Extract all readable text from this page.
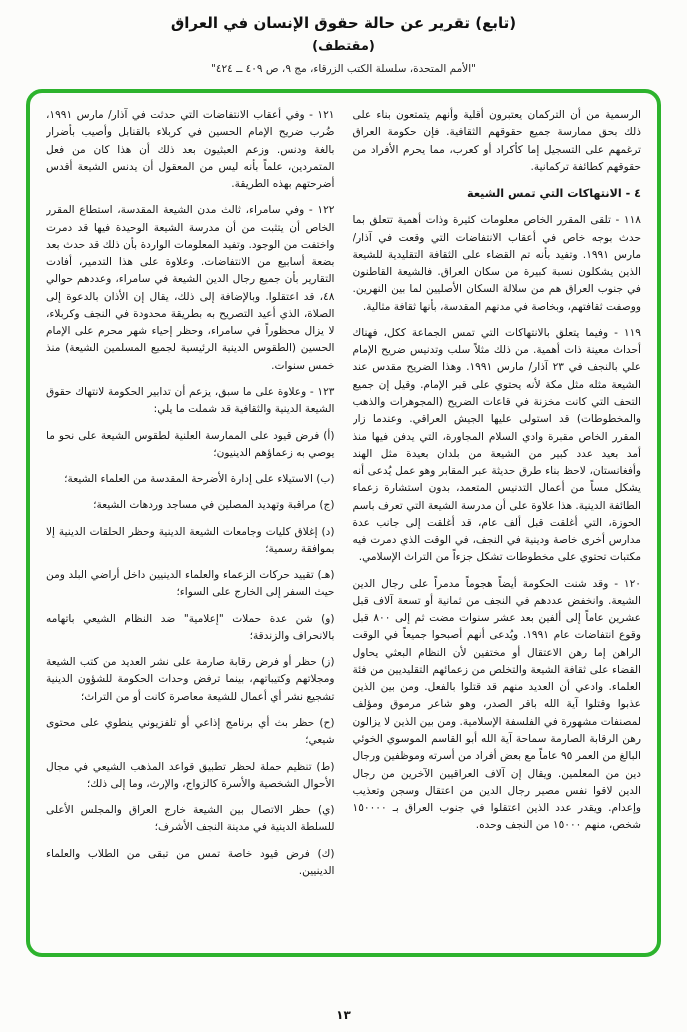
(تابع) تقرير عن حالة حقوق الإنسان في العراق
(مقتطف)
"الأمم المتحدة، سلسلة الكتب الزرقاء، مج ٩، ص ٤٠٩ ــ ٤٢٤"

الرسمية من أن التركمان يعتبرون أقلية وأنهم يتمتعون بناء على ذلك بحق ممارسة جميع حقوقهم الثقافية. فإن حكومة العراق ترغمهم على التسجيل إما كأكراد أو كعرب، مما يحرم الأفراد من حقوقهم كطائفة تركمانية.

٤ - الانتهاكات التي تمس الشيعة

١١٨ - تلقى المقرر الخاص معلومات كثيرة وذات أهمية تتعلق بما حدث بوجه خاص في أعقاب الانتفاضات التي وقعت في آذار/ مارس ١٩٩١. وتفيد بأنه تم القضاء على الثقافة التقليدية للشيعة الذين يشكلون نسبة كبيرة من سكان العراق. فالشيعة القاطنون في جنوب العراق هم من سلالة السكان الأصليين لما بين النهرين. ووصفت ثقافتهم، وبخاصة في مدنهم المقدسة، بأنها ثقافة مثالية.

١١٩ - وفيما يتعلق بالانتهاكات التي تمس الجماعة ككل، فهناك أحداث معينة ذات أهمية. من ذلك مثلاً سلب وتدنيس ضريح الإمام علي بالنجف في ٢٣ آذار/ مارس ١٩٩١. وهذا الضريح مقدس عند الشيعة مثله مثل مكة لأنه يحتوي على قبر الإمام. وقيل إن جميع التحف التي كانت مخزنة في قاعات الضريح (المجوهرات والذهب والمخطوطات) قد استولى عليها الجيش العراقي. وعندما زار المقرر الخاص مقبرة وادي السلام المجاورة، التي يدفن فيها منذ أمد بعيد عدد كبير من الشيعة من بلدان بعيدة مثل الهند وأفغانستان، لاحظ بناء طرق حديثة عبر المقابر وهو عمل يُدعى أنه يشكل مساً من أعمال التدنيس المتعمد، بدون استشارة زعماء الطائفة الدينية. هذا علاوة على أن مدرسة الشيعة التي تعرف باسم الحوزة، التي أغلقت قبل ألف عام، قد أغلقت إلى جانب عدة مدارس أخرى خاصة ودينية في النجف، في الوقت الذي دمرت فيه مكتبات تحتوي على مخطوطات تشكل جزءاً من التراث الإسلامي.

١٢٠ - وقد شنت الحكومة أيضاً هجوماً مدمراً على رجال الدين الشيعة. وانخفض عددهم في النجف من ثمانية أو تسعة آلاف قبل عشرين عاماً إلى ألفين بعد عشر سنوات مضت ثم إلى ٨٠٠ قبل وقوع انتفاضات عام ١٩٩١. ويُدعى أنهم أصبحوا جميعاً في الوقت الراهن إما رهن الاعتقال أو مختفين لأن النظام البعثي يحاول القضاء على ثقافة الشيعة والتخلص من زعمائهم التقليديين من فئة العلماء. وادعي أن العديد منهم قد قتلوا بالفعل. ومن بين الذين عذبوا وقتلوا آية الله باقر الصدر، وهو شاعر مرموق ومؤلف لمصنفات مشهورة في الفلسفة الإسلامية. ومن بين الذين لا يزالون رهن الرقابة الصارمة سماحة آية الله أبو القاسم الموسوي الخوئي البالغ من العمر ٩٥ عاماً مع بعض أفراد من أسرته وموظفين ورجال دين من المعلمين. ويقال إن آلاف العراقيين الآخرين من رجال الدين لاقوا نفس مصير رجال الدين من اعتقال وسجن وتعذيب وإعدام. ويقدر عدد الذين اعتقلوا في جنوب العراق بـ ١٥٠٠٠٠ شخص، منهم ١٥٠٠٠ من النجف وحده.

١٢١ - وفي أعقاب الانتفاضات التي حدثت في آذار/ مارس ١٩٩١، ضُرب ضريح الإمام الحسين في كربلاء بالقنابل وأصيب بأضرار بالغة ودنس. وزعم العبثيون بعد ذلك أن هذا كان من فعل المتمردين، علماً بأنه ليس من المعقول أن يدنس الشيعة أقدس أضرحتهم بهذه الطريقة.

١٢٢ - وفي سامراء، ثالث مدن الشيعة المقدسة، استطاع المقرر الخاص أن يتثبت من أن مدرسة الشيعة الوحيدة فيها قد دمرت واختفت من الوجود. وتفيد المعلومات الواردة بأن ذلك قد حدث بعد بضعة أسابيع من الانتفاضات. وعلاوة على هذا التدمير، أفادت التقارير بأن جميع رجال الدين الشيعة في سامراء، وعددهم حوالي ٤٨، قد اعتقلوا. وبالإضافة إلى ذلك، يقال إن الأذان بالدعوة إلى الصلاة، الذي أعيد التصريح به بطريقة محدودة في النجف وكربلاء، لا يزال محظوراً في سامراء، وحظر إحياء شهر محرم على الإمام الحسين (الطقوس الدينية الرئيسية لجميع المسلمين الشيعة) منذ خمس سنوات.

١٢٣ - وعلاوة على ما سبق، يزعم أن تدابير الحكومة لانتهاك حقوق الشيعة الدينية والثقافية قد شملت ما يلي:

(أ) فرض قيود على الممارسة العلنية لطقوس الشيعة على نحو ما يوصي به زعماؤهم الدينيون؛

(ب) الاستيلاء على إدارة الأضرحة المقدسة من العلماء الشيعة؛

(ج) مراقبة وتهديد المصلين في مساجد وردهات الشيعة؛

(د) إغلاق كليات وجامعات الشيعة الدينية وحظر الحلقات الدينية إلا بموافقة رسمية؛

(هـ) تقييد حركات الزعماء والعلماء الدينيين داخل أراضي البلد ومن حيث السفر إلى الخارج على السواء؛

(و) شن عدة حملات "إعلامية" ضد النظام الشيعي باتهامه بالانحراف والزندقة؛

(ز) حظر أو فرض رقابة صارمة على نشر العديد من كتب الشيعة ومجلاتهم وكتيباتهم، بينما ترفض وحدات الحكومة للشؤون الدينية تشجيع نشر أي أعمال للشيعة معاصرة كانت أو من التراث؛

(ح) حظر بث أي برنامج إذاعي أو تلفزيوني ينطوي على محتوى شيعي؛

(ط) تنظيم حملة لحظر تطبيق قواعد المذهب الشيعي في مجال الأحوال الشخصية والأسرة كالزواج، والإرث، وما إلى ذلك؛

(ي) حظر الاتصال بين الشيعة خارج العراق والمجلس الأعلى للسلطة الدينية في مدينة النجف الأشرف؛

(ك) فرض قيود خاصة تمس من تبقى من الطلاب والعلماء الدينيين.

١٣
